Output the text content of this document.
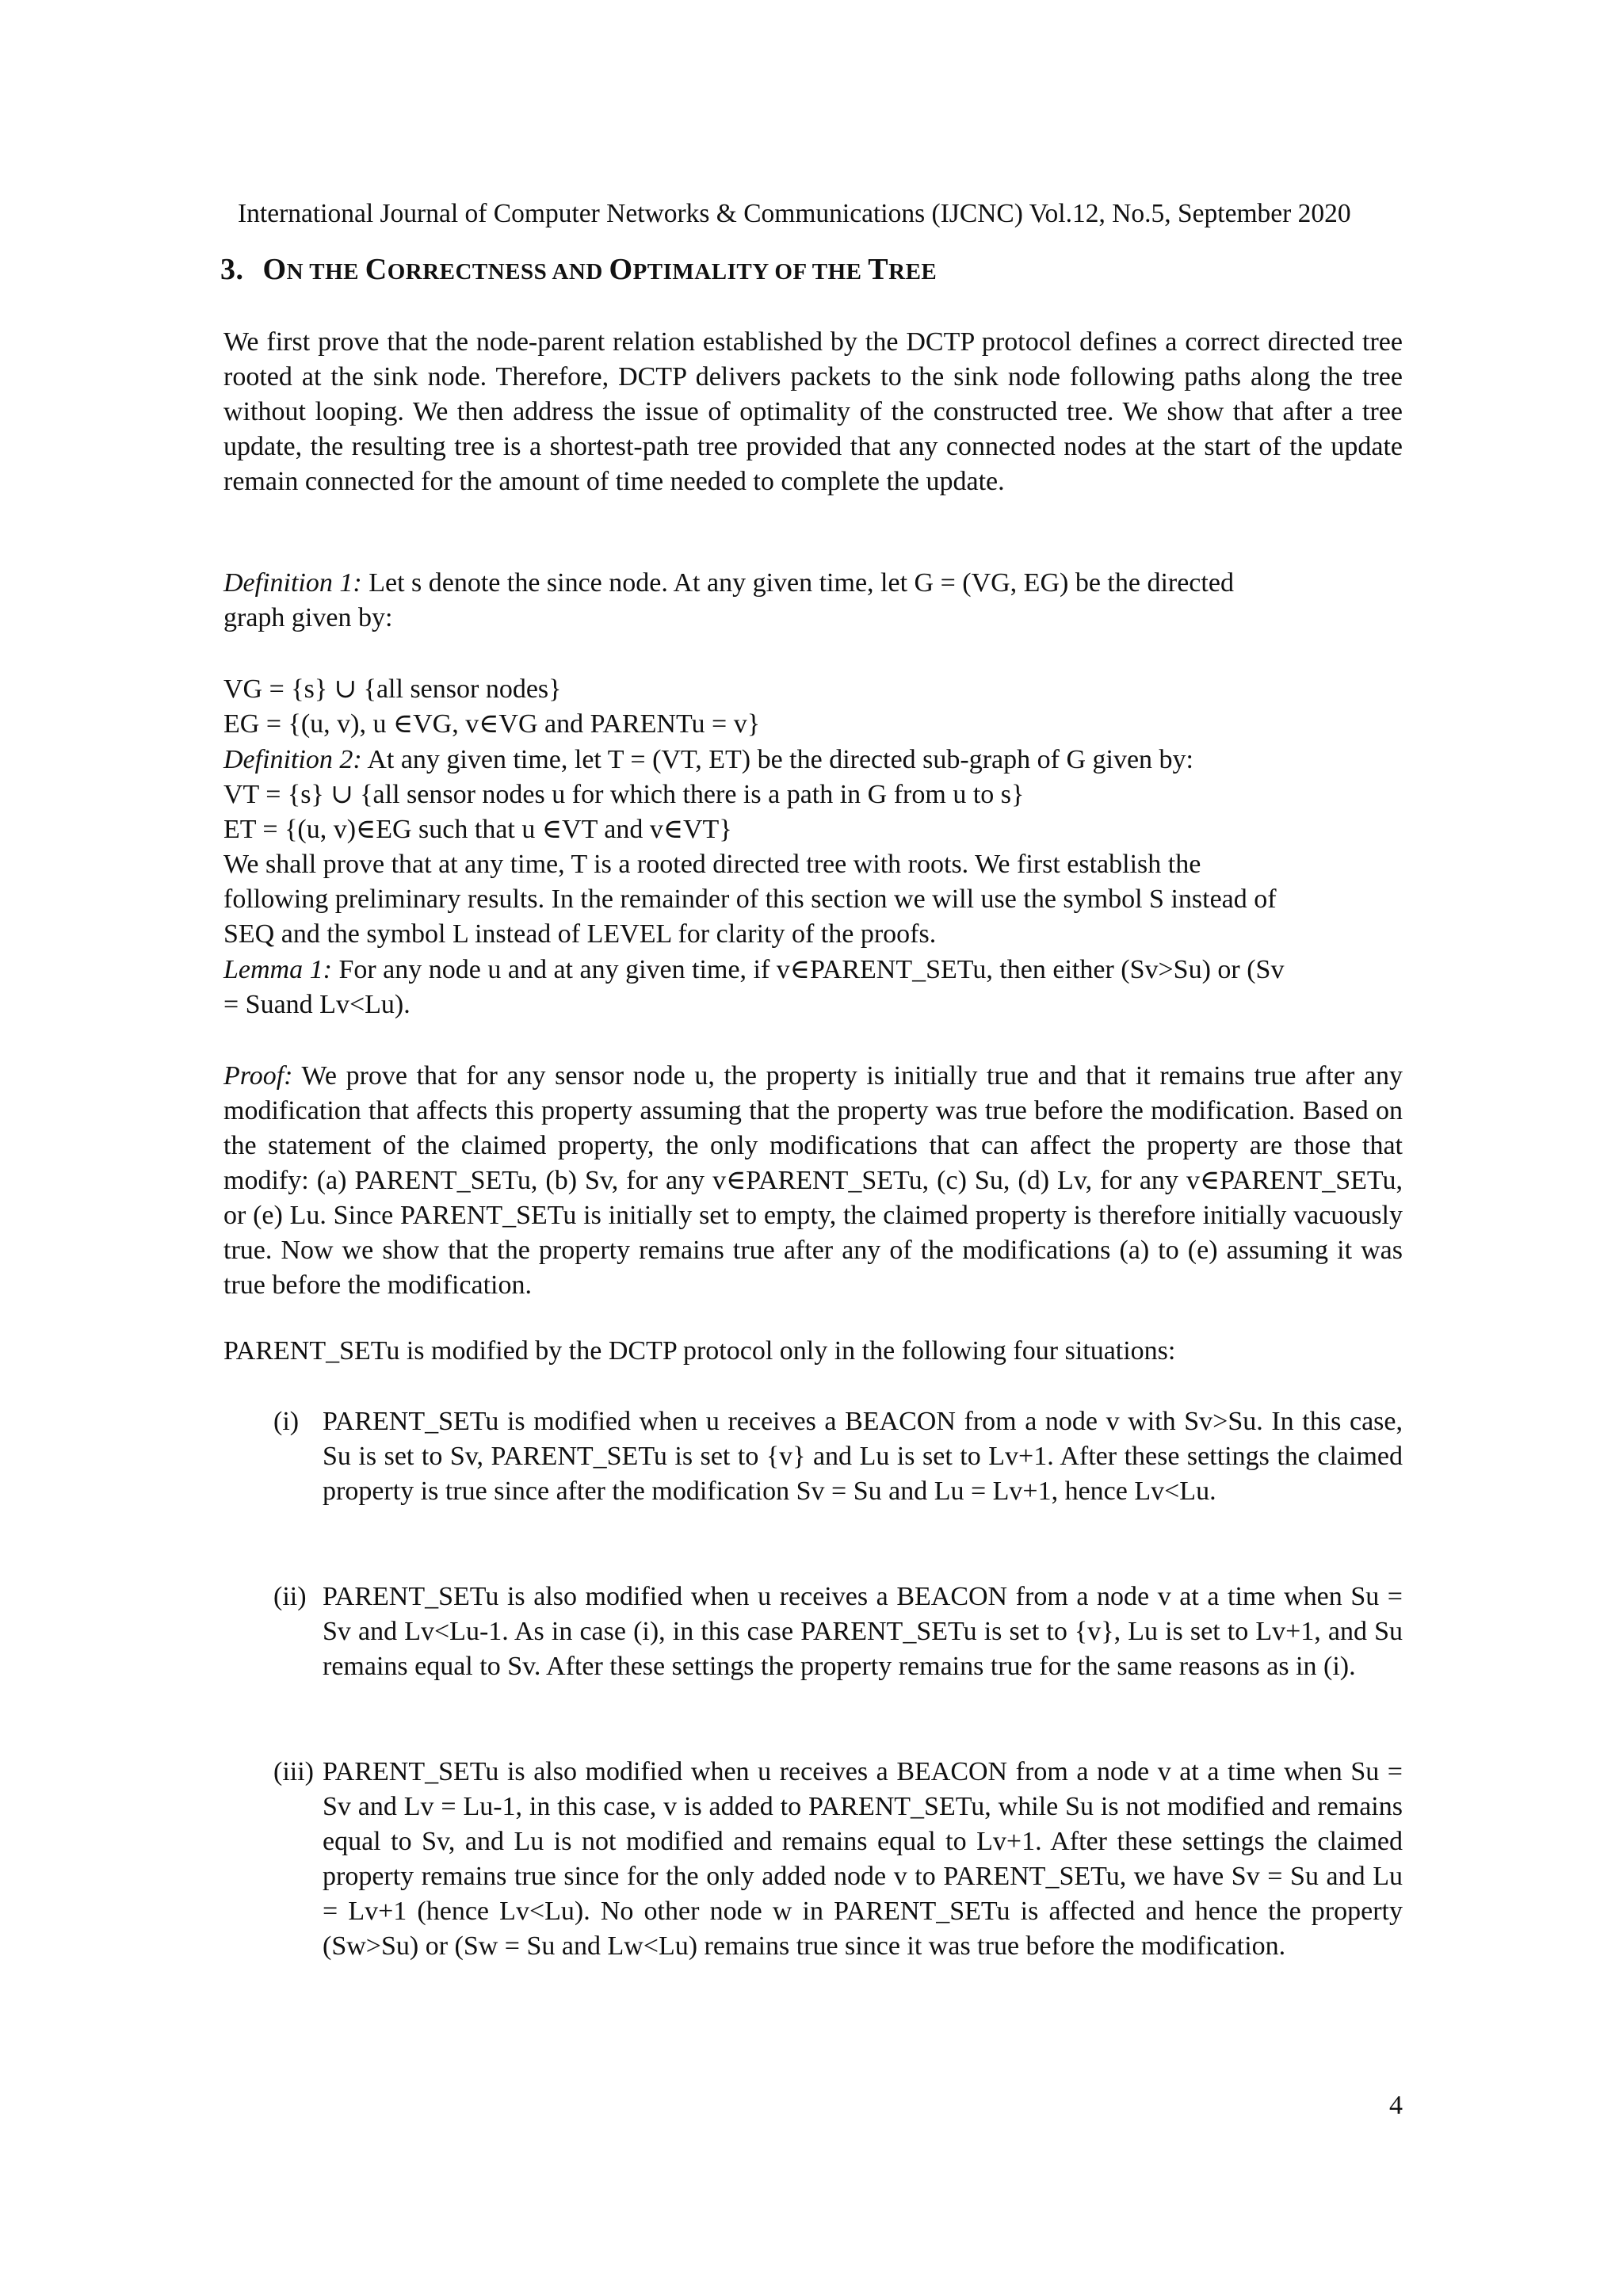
International Journal of Computer Networks & Communications (IJCNC) Vol.12, No.5, September 2020
3. ON THE CORRECTNESS AND OPTIMALITY OF THE TREE

We first prove that the node-parent relation established by the DCTP protocol defines a correct directed tree rooted at the sink node. Therefore, DCTP delivers packets to the sink node following paths along the tree without looping. We then address the issue of optimality of the constructed tree. We show that after a tree update, the resulting tree is a shortest-path tree provided that any connected nodes at the start of the update remain connected for the amount of time needed to complete the update.

Definition 1: Let s denote the since node. At any given time, let G = (VG, EG) be the directed
graph given by:
VG = {s} ∪ {all sensor nodes}
EG = {(u, v), u ∈VG, v∈VG and PARENTu = v}
Definition 2: At any given time, let T = (VT, ET) be the directed sub-graph of G given by:
VT = {s} ∪ {all sensor nodes u for which there is a path in G from u to s}
ET = {(u, v)∈EG such that u ∈VT and v∈VT}
We shall prove that at any time, T is a rooted directed tree with roots. We first establish the
following preliminary results. In the remainder of this section we will use the symbol S instead of
SEQ and the symbol L instead of LEVEL for clarity of the proofs.
Lemma 1: For any node u and at any given time, if v∈PARENT_SETu, then either (Sv>Su) or (Sv
= Suand Lv<Lu).

Proof: We prove that for any sensor node u, the property is initially true and that it remains true after any modification that affects this property assuming that the property was true before the modification. Based on the statement of the claimed property, the only modifications that can affect the property are those that modify: (a) PARENT_SETu, (b) Sv, for any v∈PARENT_SETu, (c) Su, (d) Lv, for any v∈PARENT_SETu, or (e) Lu. Since PARENT_SETu is initially set to empty, the claimed property is therefore initially vacuously true. Now we show that the property remains true after any of the modifications (a) to (e) assuming it was true before the modification.

PARENT_SETu is modified by the DCTP protocol only in the following four situations:
(i) PARENT_SETu is modified when u receives a BEACON from a node v with Sv>Su. In this case, Su is set to Sv, PARENT_SETu is set to {v} and Lu is set to Lv+1. After these settings the claimed property is true since after the modification Sv = Su and Lu = Lv+1, hence Lv<Lu.
(ii) PARENT_SETu is also modified when u receives a BEACON from a node v at a time when Su = Sv and Lv<Lu-1. As in case (i), in this case PARENT_SETu is set to {v}, Lu is set to Lv+1, and Su remains equal to Sv. After these settings the property remains true for the same reasons as in (i).
(iii) PARENT_SETu is also modified when u receives a BEACON from a node v at a time when Su = Sv and Lv = Lu-1, in this case, v is added to PARENT_SETu, while Su is not modified and remains equal to Sv, and Lu is not modified and remains equal to Lv+1. After these settings the claimed property remains true since for the only added node v to PARENT_SETu, we have Sv = Su and Lu = Lv+1 (hence Lv<Lu). No other node w in PARENT_SETu is affected and hence the property (Sw>Su) or (Sw = Su and Lw<Lu) remains true since it was true before the modification.
4
